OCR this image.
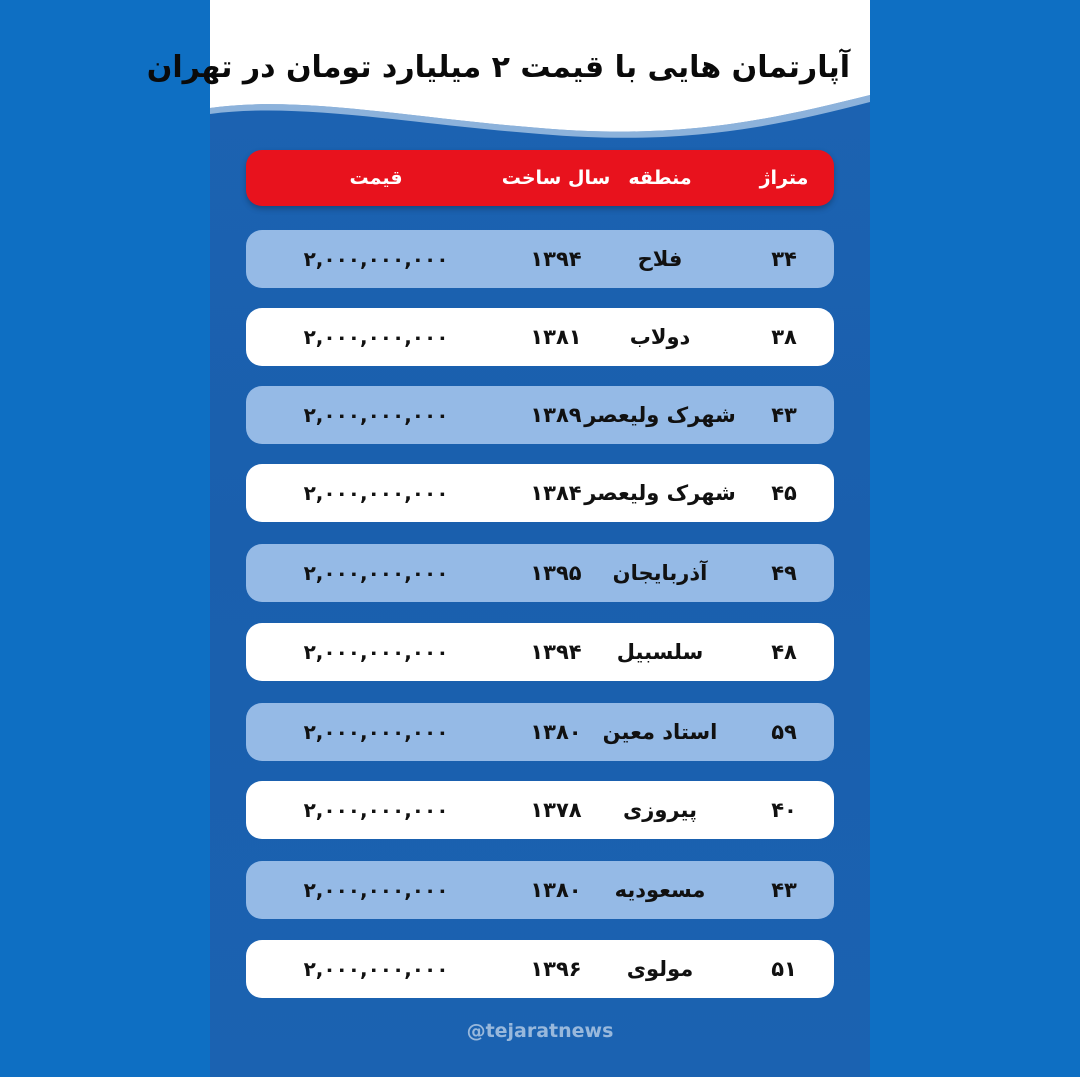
آپارتمان هایی با قیمت ۲ میلیارد تومان در تهران
متراژ
منطقه
سال ساخت
قیمت
۳۴
فلاح
۱۳۹۴
۲,۰۰۰,۰۰۰,۰۰۰
۳۸
دولاب
۱۳۸۱
۲,۰۰۰,۰۰۰,۰۰۰
۴۳
شهرک ولیعصر
۱۳۸۹
۲,۰۰۰,۰۰۰,۰۰۰
۴۵
شهرک ولیعصر
۱۳۸۴
۲,۰۰۰,۰۰۰,۰۰۰
۴۹
آذربایجان
۱۳۹۵
۲,۰۰۰,۰۰۰,۰۰۰
۴۸
سلسبیل
۱۳۹۴
۲,۰۰۰,۰۰۰,۰۰۰
۵۹
استاد معین
۱۳۸۰
۲,۰۰۰,۰۰۰,۰۰۰
۴۰
پیروزی
۱۳۷۸
۲,۰۰۰,۰۰۰,۰۰۰
۴۳
مسعودیه
۱۳۸۰
۲,۰۰۰,۰۰۰,۰۰۰
۵۱
مولوی
۱۳۹۶
۲,۰۰۰,۰۰۰,۰۰۰
@tejaratnews
